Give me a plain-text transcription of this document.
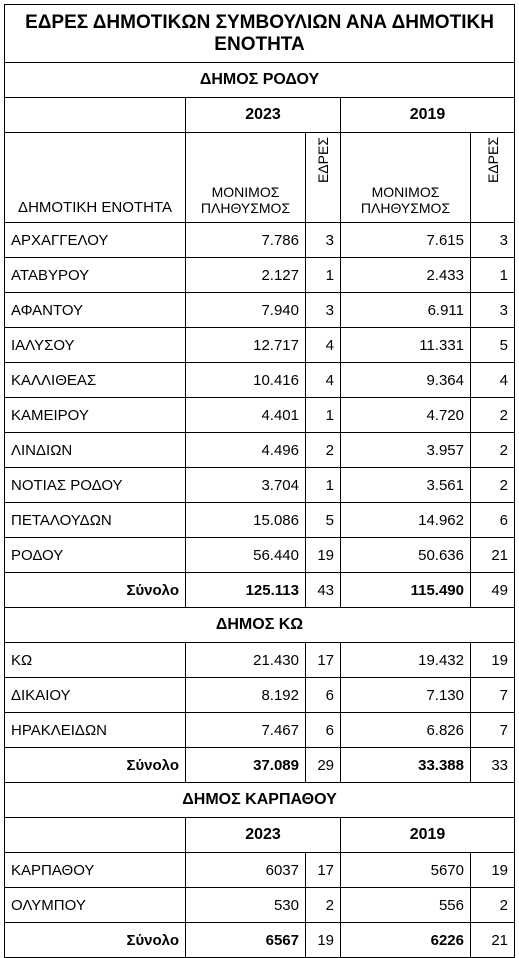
ΕΔΡΕΣ ΔΗΜΟΤΙΚΩΝ ΣΥΜΒΟΥΛΙΩΝ ΑΝΑ ΔΗΜΟΤΙΚΗ ΕΝΟΤΗΤΑ				
ΔΗΜΟΣ ΡΟΔΟΥ				
	2023		2019	
ΔΗΜΟΤΙΚΗ ΕΝΟΤΗΤΑ	ΜΟΝΙΜΟΣ ΠΛΗΘΥΣΜΟΣ	ΕΔΡΕΣ	ΜΟΝΙΜΟΣ ΠΛΗΘΥΣΜΟΣ	ΕΔΡΕΣ
ΑΡΧΑΓΓΕΛΟΥ	7.786	3	7.615	3
ΑΤΑΒΥΡΟΥ	2.127	1	2.433	1
ΑΦΑΝΤΟΥ	7.940	3	6.911	3
ΙΑΛΥΣΟΥ	12.717	4	11.331	5
ΚΑΛΛΙΘΕΑΣ	10.416	4	9.364	4
ΚΑΜΕΙΡΟΥ	4.401	1	4.720	2
ΛΙΝΔΙΩΝ	4.496	2	3.957	2
ΝΟΤΙΑΣ ΡΟΔΟΥ	3.704	1	3.561	2
ΠΕΤΑΛΟΥΔΩΝ	15.086	5	14.962	6
ΡΟΔΟΥ	56.440	19	50.636	21
Σύνολο	125.113	43	115.490	49
ΔΗΜΟΣ ΚΩ				
ΚΩ	21.430	17	19.432	19
ΔΙΚΑΙΟΥ	8.192	6	7.130	7
ΗΡΑΚΛΕΙΔΩΝ	7.467	6	6.826	7
Σύνολο	37.089	29	33.388	33
ΔΗΜΟΣ ΚΑΡΠΑΘΟΥ				
	2023		2019	
ΚΑΡΠΑΘΟΥ	6037	17	5670	19
ΟΛΥΜΠΟΥ	530	2	556	2
Σύνολο	6567	19	6226	21
